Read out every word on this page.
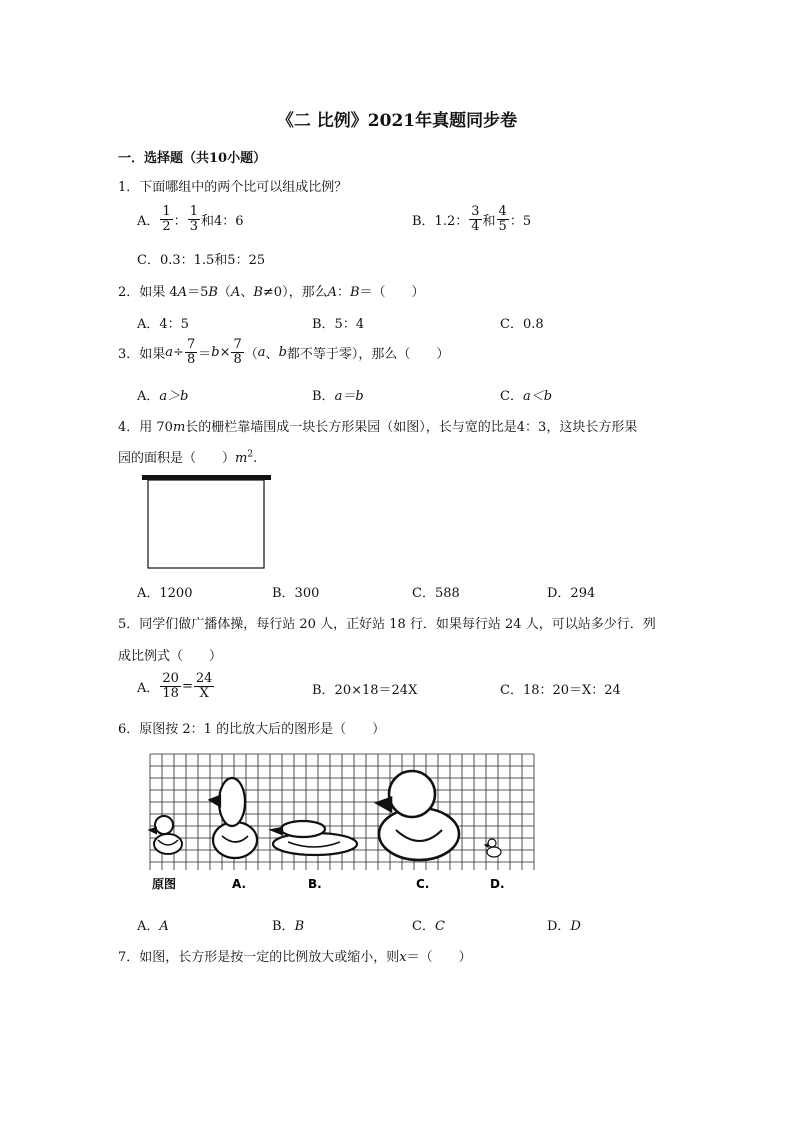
《二 比例》2021年真题同步卷
一．选择题（共10小题）
1．下面哪组中的两个比可以组成比例？
A． $\frac{1}{2}$ ： $\frac{1}{3}$ 和4：6	B．1.2： $\frac{3}{4}$ 和 $\frac{4}{5}$ ：5
C．0.3：1.5和5：25
2．如果 4A＝5B（A、B≠0），那么A：B＝（　　）
A．4：5	B．5：4	C．0.8
3．如果 $a \div \frac{7}{8} = b \times \frac{7}{8}$ （ a 、 b 都不等于零），那么（　　）
A．a＞b	B．a＝b	C．a＜b
4．用 70m长的栅栏靠墙围成一块长方形果园（如图），长与宽的比是4：3，这块长方形果
园的面积是（　　）$m^2$.
A．1200	B．300	C．588	D．294
5．同学们做广播体操，每行站 20 人，正好站 18 行．如果每行站 24 人，可以站多少行．列
成比例式（　　）
A． $\frac{20}{18} = \frac{24}{X}$	B．20×18＝24X	C．18：20＝X：24
6．原图按 2：1 的比放大后的图形是（　　）
原图	A.	B.	C.	D.
A．A	B．B	C．C	D．D
7．如图，长方形是按一定的比例放大或缩小，则x＝（　　）
